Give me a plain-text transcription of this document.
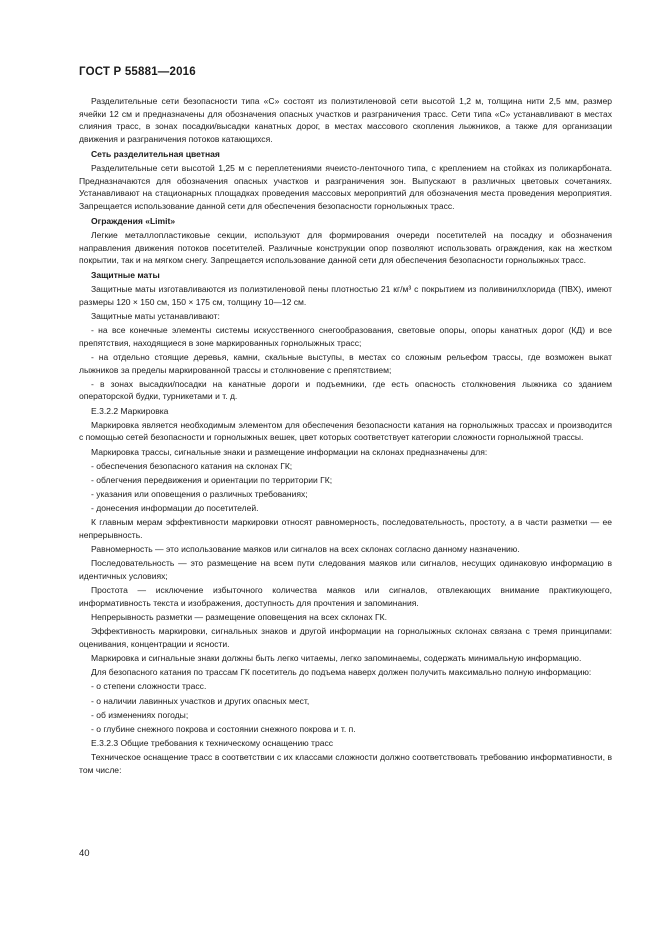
ГОСТ Р 55881—2016

Разделительные сети безопасности типа «С» состоят из полиэтиленовой сети высотой 1,2 м, толщина нити 2,5 мм, размер ячейки 12 см и предназначены для обозначения опасных участков и разграничения трасс. Сети типа «С» устанавливают в местах слияния трасс, в зонах посадки/высадки канатных дорог, в местах массового скопления лыжников, а также для организации движения и разграничения потоков катающихся.

Сеть разделительная цветная

Разделительные сети высотой 1,25 м с переплетениями ячеисто-ленточного типа, с креплением на стойках из поликарбоната. Предназначаются для обозначения опасных участков и разграничения зон. Выпускают в различных цветовых сочетаниях. Устанавливают на стационарных площадках проведения массовых мероприятий для обозначения места проведения мероприятия. Запрещается использование данной сети для обеспечения безопасности горнолыжных трасс.

Ограждения «Limit»

Легкие металлопластиковые секции, используют для формирования очереди посетителей на посадку и обозначения направления движения потоков посетителей. Различные конструкции опор позволяют использовать ограждения, как на жестком покрытии, так и на мягком снегу. Запрещается использование данной сети для обеспечения безопасности горнолыжных трасс.

Защитные маты

Защитные маты изготавливаются из полиэтиленовой пены плотностью 21 кг/м³ с покрытием из поливинилхлорида (ПВХ), имеют размеры 120 × 150 см, 150 × 175 см, толщину 10—12 см.

Защитные маты устанавливают:

- на все конечные элементы системы искусственного снегообразования, световые опоры, опоры канатных дорог (КД) и все препятствия, находящиеся в зоне маркированных горнолыжных трасс;

- на отдельно стоящие деревья, камни, скальные выступы, в местах со сложным рельефом трассы, где возможен выкат лыжников за пределы маркированной трассы и столкновение с препятствием;

- в зонах высадки/посадки на канатные дороги и подъемники, где есть опасность столкновения лыжника со зданием операторской будки, турникетами и т. д.

Е.3.2.2 Маркировка

Маркировка является необходимым элементом для обеспечения безопасности катания на горнолыжных трассах и производится с помощью сетей безопасности и горнолыжных вешек, цвет которых соответствует категории сложности горнолыжной трассы.

Маркировка трассы, сигнальные знаки и размещение информации на склонах предназначены для:

- обеспечения безопасного катания на склонах ГК;

- облегчения передвижения и ориентации по территории ГК;

- указания или оповещения о различных требованиях;

- донесения информации до посетителей.

К главным мерам эффективности маркировки относят равномерность, последовательность, простоту, а в части разметки — ее непрерывность.

Равномерность — это использование маяков или сигналов на всех склонах согласно данному назначению.

Последовательность — это размещение на всем пути следования маяков или сигналов, несущих одинаковую информацию в идентичных условиях;

Простота — исключение избыточного количества маяков или сигналов, отвлекающих внимание практикующего, информативность текста и изображения, доступность для прочтения и запоминания.

Непрерывность разметки — размещение оповещения на всех склонах ГК.

Эффективность маркировки, сигнальных знаков и другой информации на горнолыжных склонах связана с тремя принципами: оценивания, концентрации и ясности.

Маркировка и сигнальные знаки должны быть легко читаемы, легко запоминаемы, содержать минимальную информацию.

Для безопасного катания по трассам ГК посетитель до подъема наверх должен получить максимально полную информацию:

- о степени сложности трасс.

- о наличии лавинных участков и других опасных мест,

- об изменениях погоды;

- о глубине снежного покрова и состоянии снежного покрова и т. п.

Е.3.2.3 Общие требования к техническому оснащению трасс

Техническое оснащение трасс в соответствии с их классами сложности должно соответствовать требованию информативности, в том числе:

40
